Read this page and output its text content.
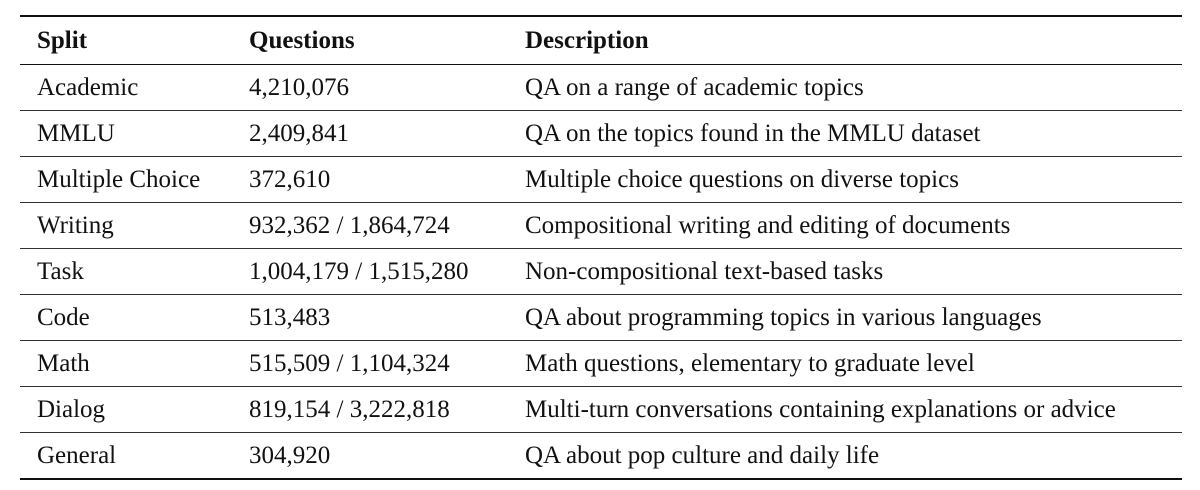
Split	Questions	Description
Academic	4,210,076	QA on a range of academic topics
MMLU	2,409,841	QA on the topics found in the MMLU dataset
Multiple Choice	372,610	Multiple choice questions on diverse topics
Writing	932,362 / 1,864,724	Compositional writing and editing of documents
Task	1,004,179 / 1,515,280	Non-compositional text-based tasks
Code	513,483	QA about programming topics in various languages
Math	515,509 / 1,104,324	Math questions, elementary to graduate level
Dialog	819,154 / 3,222,818	Multi-turn conversations containing explanations or advice
General	304,920	QA about pop culture and daily life
